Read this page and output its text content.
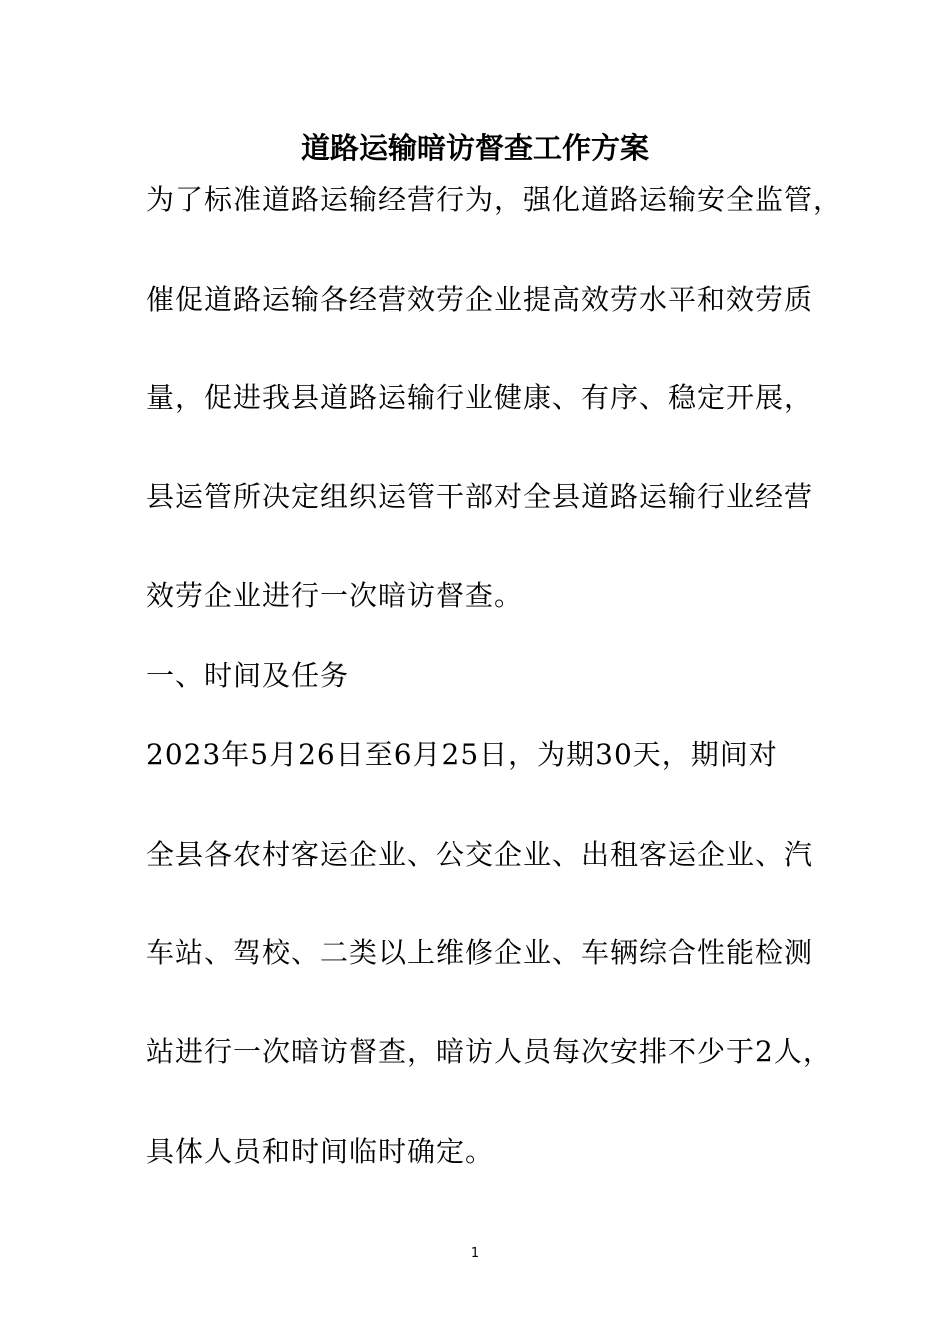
道路运输暗访督查工作方案
为了标准道路运输经营行为，强化道路运输安全监管，
催促道路运输各经营效劳企业提高效劳水平和效劳质
量，促进我县道路运输行业健康、有序、稳定开展，
县运管所决定组织运管干部对全县道路运输行业经营
效劳企业进行一次暗访督查。
一、时间及任务
2023年5月26日至6月25日，为期30天，期间对
全县各农村客运企业、公交企业、出租客运企业、汽
车站、驾校、二类以上维修企业、车辆综合性能检测
站进行一次暗访督查，暗访人员每次安排不少于2人，
具体人员和时间临时确定。
1
